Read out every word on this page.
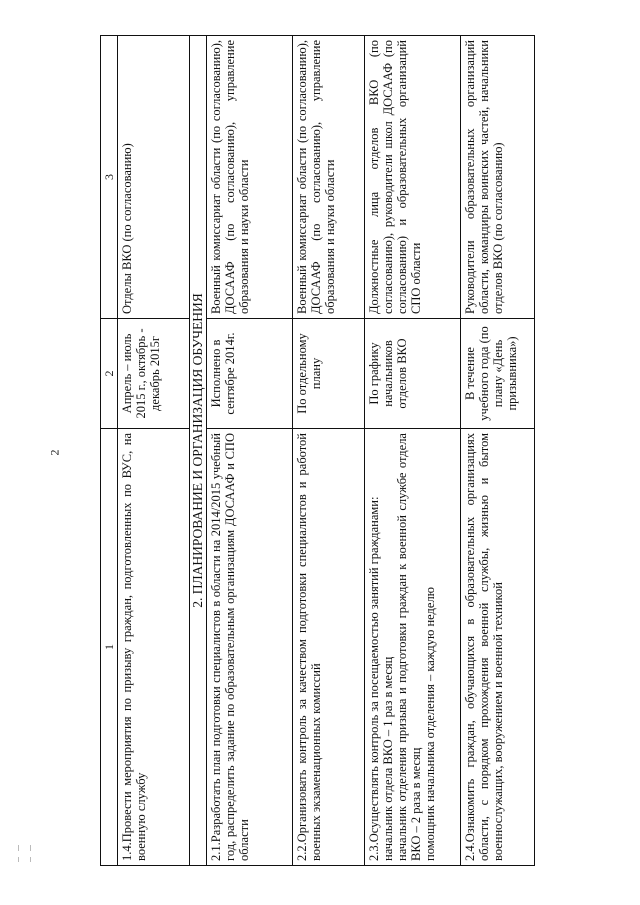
2
1	2	3
1.4.Провести мероприятия по призыву граждан, подготовленных по ВУС, на военную службу	Апрель – июль 2015 г., октябрь - декабрь 2015г	Отделы ВКО (по согласованию)
2. ПЛАНИРОВАНИЕ И ОРГАНИЗАЦИЯ ОБУЧЕНИЯ		
2.1.Разработать план подготовки специалистов в области на 2014/2015 учебный год, распределить задание по образовательным организациям ДОСААФ и СПО области	Исполнено в сентябре 2014г.	Военный комиссариат области (по согласованию), ДОСААФ (по согласованию), управление образования и науки области
2.2.Организовать контроль за качеством подготовки специалистов и работой военных экзаменационных комиссий	По отдельному плану	Военный комиссариат области (по согласованию), ДОСААФ (по согласованию), управление образования и науки области

2.3.Осуществлять контроль за посещаемостью занятий гражданами: начальник отдела ВКО – 1 раз в месяц начальник отделения призыва и подготовки граждан к военной службе отдела ВКО – 2 раза в месяц помощник начальника отделения – каждую неделю	По графику начальников отделов ВКО	Должностные лица отделов ВКО (по согласованию), руководители школ ДОСААФ (по согласованию) и образовательных организаций СПО области
2.4.Ознакомить граждан, обучающихся в образовательных организациях области, с порядком прохождения военной службы, жизнью и бытом военнослужащих, вооружением и военной техникой	В течение учебного года (по плану «День призывника»)	Руководители образовательных организаций области, командиры воинских частей, начальники отделов ВКО (по согласованию)
